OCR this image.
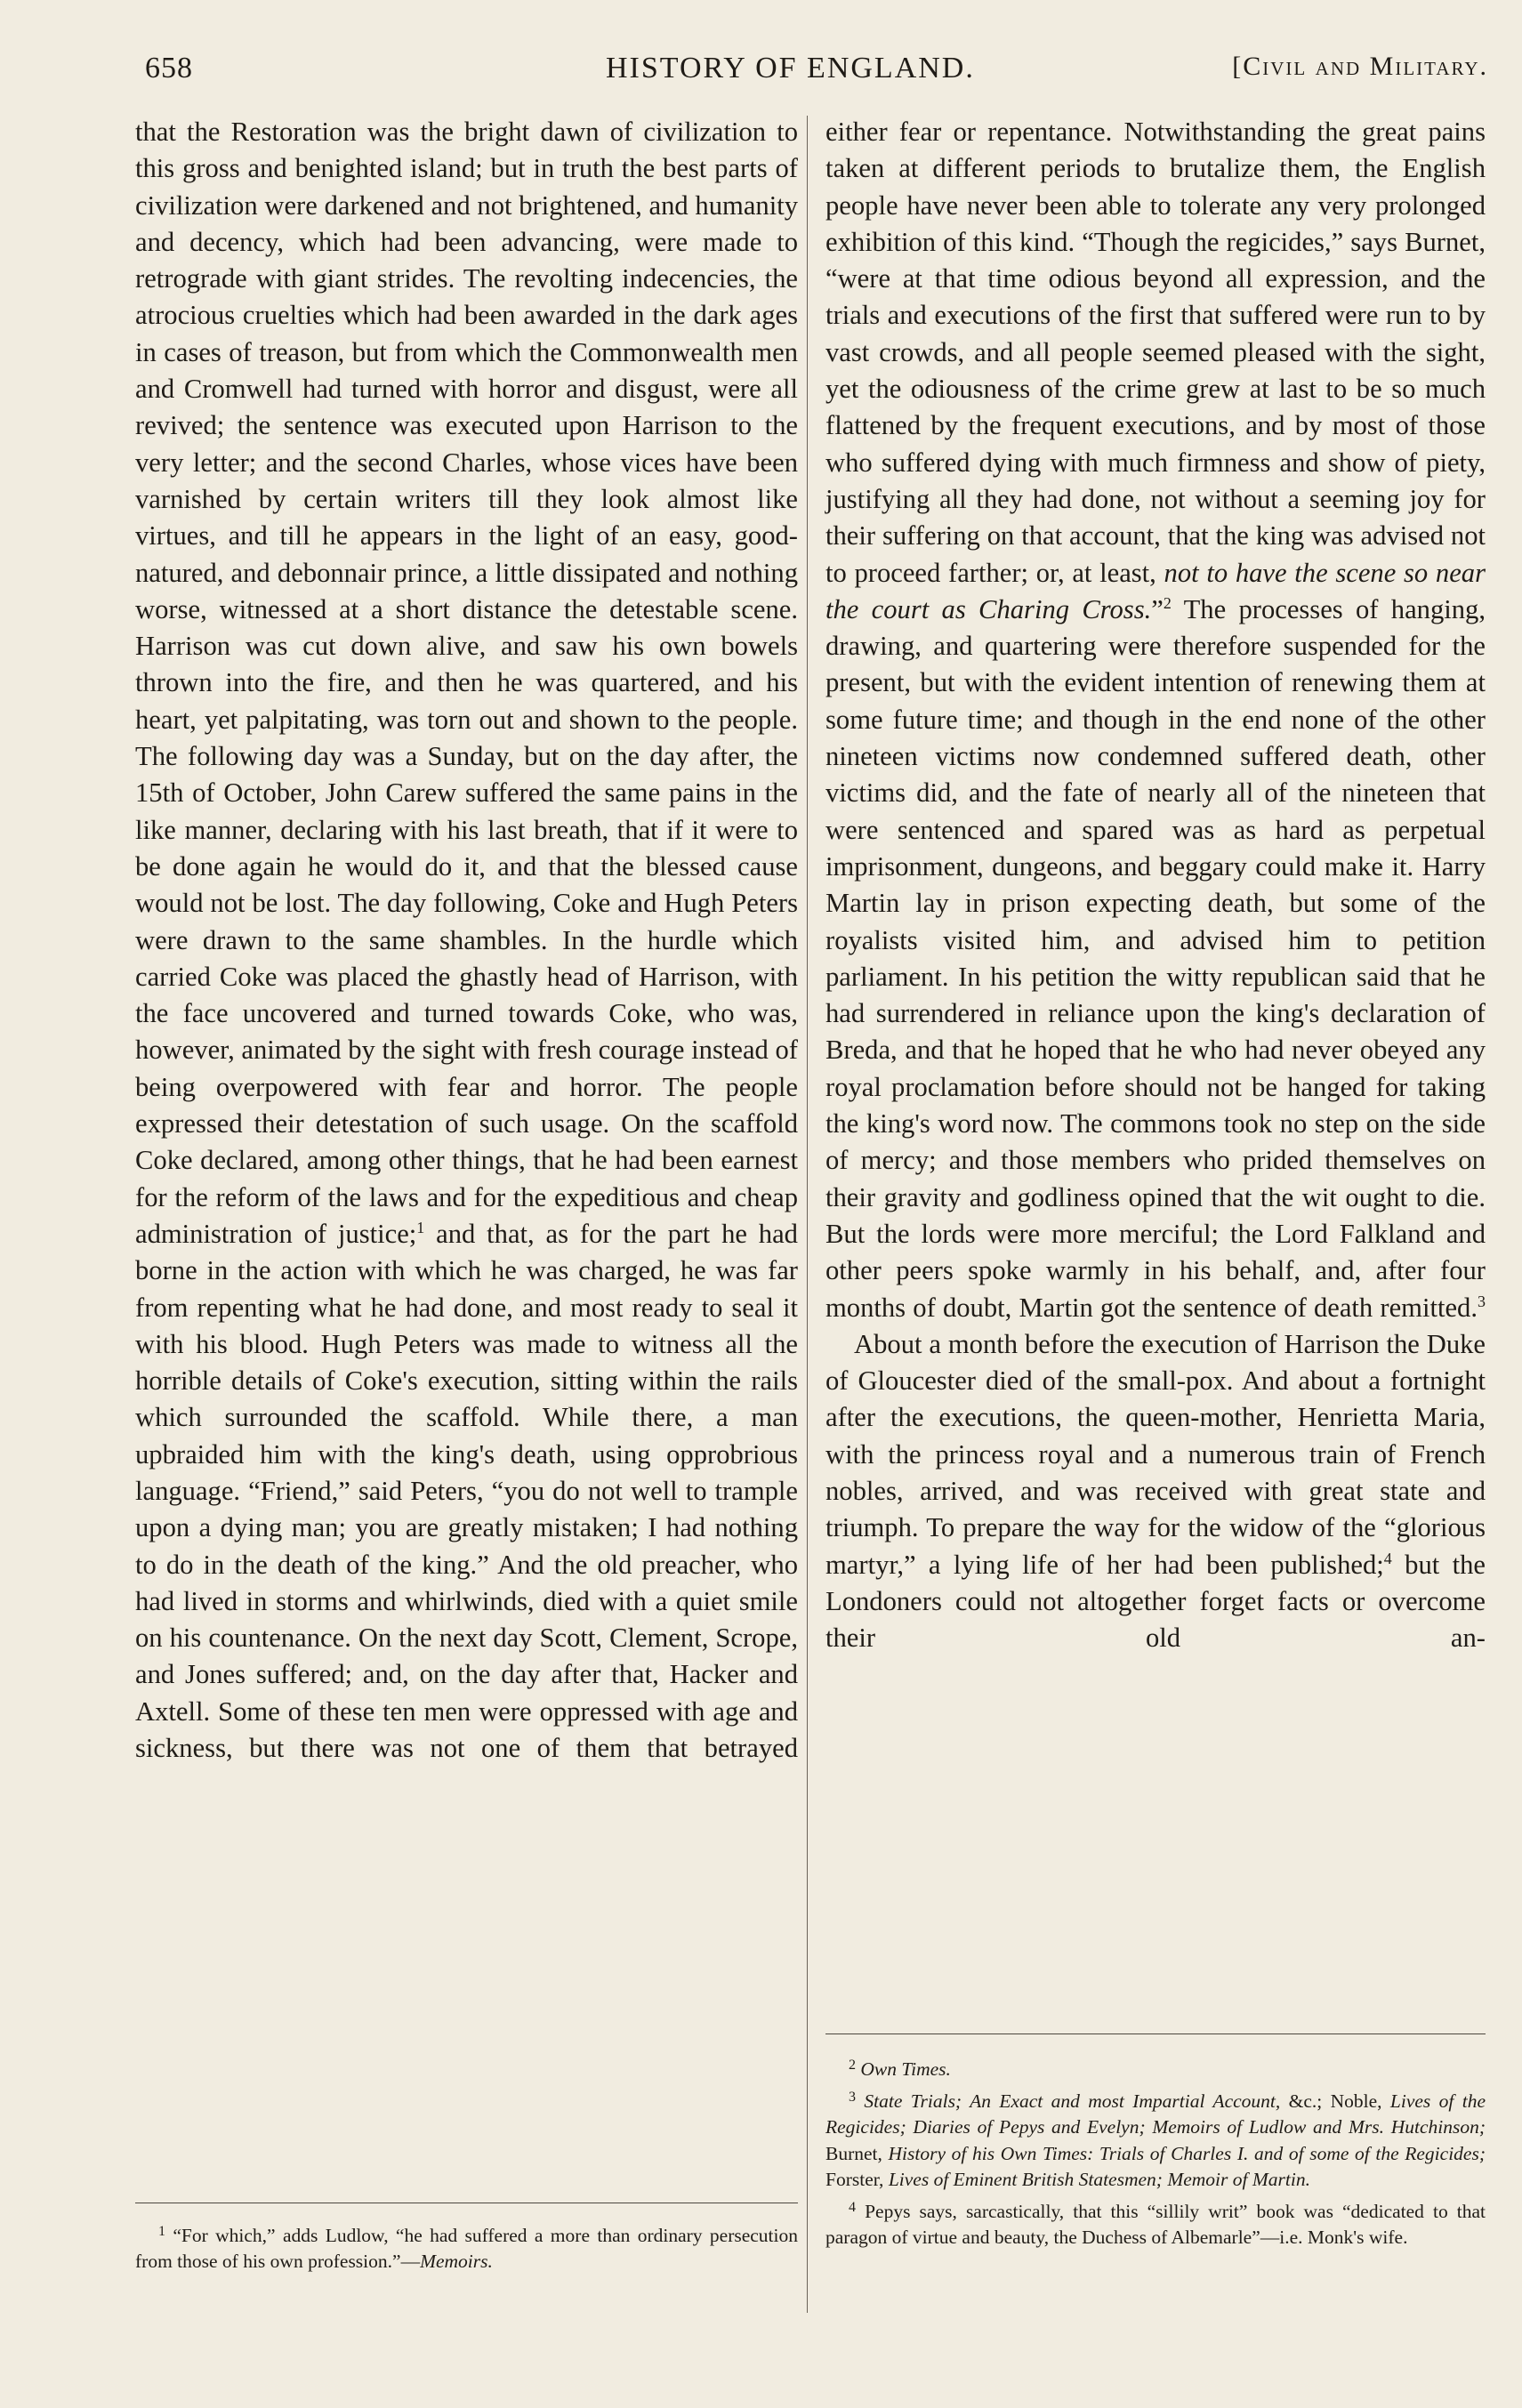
658	HISTORY OF ENGLAND.	[Civil and Military.

that the Restoration was the bright dawn of civilization to this gross and benighted island; but in truth the best parts of civilization were darkened and not brightened, and humanity and decency, which had been advancing, were made to retrograde with giant strides. The revolting indecencies, the atrocious cruelties which had been awarded in the dark ages in cases of treason, but from which the Commonwealth men and Cromwell had turned with horror and disgust, were all revived; the sentence was executed upon Harrison to the very letter; and the second Charles, whose vices have been varnished by certain writers till they look almost like virtues, and till he appears in the light of an easy, good-natured, and debonnair prince, a little dissipated and nothing worse, witnessed at a short distance the detestable scene. Harrison was cut down alive, and saw his own bowels thrown into the fire, and then he was quartered, and his heart, yet palpitating, was torn out and shown to the people. The following day was a Sunday, but on the day after, the 15th of October, John Carew suffered the same pains in the like manner, declaring with his last breath, that if it were to be done again he would do it, and that the blessed cause would not be lost. The day following, Coke and Hugh Peters were drawn to the same shambles. In the hurdle which carried Coke was placed the ghastly head of Harrison, with the face uncovered and turned towards Coke, who was, however, animated by the sight with fresh courage instead of being overpowered with fear and horror. The people expressed their detestation of such usage. On the scaffold Coke declared, among other things, that he had been earnest for the reform of the laws and for the expeditious and cheap administration of justice;$^1$ and that, as for the part he had borne in the action with which he was charged, he was far from repenting what he had done, and most ready to seal it with his blood. Hugh Peters was made to witness all the horrible details of Coke's execution, sitting within the rails which surrounded the scaffold. While there, a man upbraided him with the king's death, using opprobrious language. “Friend,” said Peters, “you do not well to trample upon a dying man; you are greatly mistaken; I had nothing to do in the death of the king.” And the old preacher, who had lived in storms and whirlwinds, died with a quiet smile on his countenance. On the next day Scott, Clement, Scrope, and Jones suffered; and, on the day after that, Hacker and Axtell. Some of these ten men were oppressed with age and sickness, but there was not one of them that betrayed

either fear or repentance. Notwithstanding the great pains taken at different periods to brutalize them, the English people have never been able to tolerate any very prolonged exhibition of this kind. “Though the regicides,” says Burnet, “were at that time odious beyond all expression, and the trials and executions of the first that suffered were run to by vast crowds, and all people seemed pleased with the sight, yet the odiousness of the crime grew at last to be so much flattened by the frequent executions, and by most of those who suffered dying with much firmness and show of piety, justifying all they had done, not without a seeming joy for their suffering on that account, that the king was advised not to proceed farther; or, at least, not to have the scene so near the court as Charing Cross.”$^2$ The processes of hanging, drawing, and quartering were therefore suspended for the present, but with the evident intention of renewing them at some future time; and though in the end none of the other nineteen victims now condemned suffered death, other victims did, and the fate of nearly all of the nineteen that were sentenced and spared was as hard as perpetual imprisonment, dungeons, and beggary could make it. Harry Martin lay in prison expecting death, but some of the royalists visited him, and advised him to petition parliament. In his petition the witty republican said that he had surrendered in reliance upon the king's declaration of Breda, and that he hoped that he who had never obeyed any royal proclamation before should not be hanged for taking the king's word now. The commons took no step on the side of mercy; and those members who prided themselves on their gravity and godliness opined that the wit ought to die. But the lords were more merciful; the Lord Falkland and other peers spoke warmly in his behalf, and, after four months of doubt, Martin got the sentence of death remitted.$^3$

About a month before the execution of Harrison the Duke of Gloucester died of the small-pox. And about a fortnight after the executions, the queen-mother, Henrietta Maria, with the princess royal and a numerous train of French nobles, arrived, and was received with great state and triumph. To prepare the way for the widow of the “glorious martyr,” a lying life of her had been published;$^4$ but the Londoners could not altogether forget facts or overcome their old an-

$^1$ “For which,” adds Ludlow, “he had suffered a more than ordinary persecution from those of his own profession.”—Memoirs.

$^2$ Own Times.

$^3$ State Trials; An Exact and most Impartial Account, &c.; Noble, Lives of the Regicides; Diaries of Pepys and Evelyn; Memoirs of Ludlow and Mrs. Hutchinson; Burnet, History of his Own Times: Trials of Charles I. and of some of the Regicides; Forster, Lives of Eminent British Statesmen; Memoir of Martin.

$^4$ Pepys says, sarcastically, that this “sillily writ” book was “dedicated to that paragon of virtue and beauty, the Duchess of Albemarle”—i.e. Monk's wife.
